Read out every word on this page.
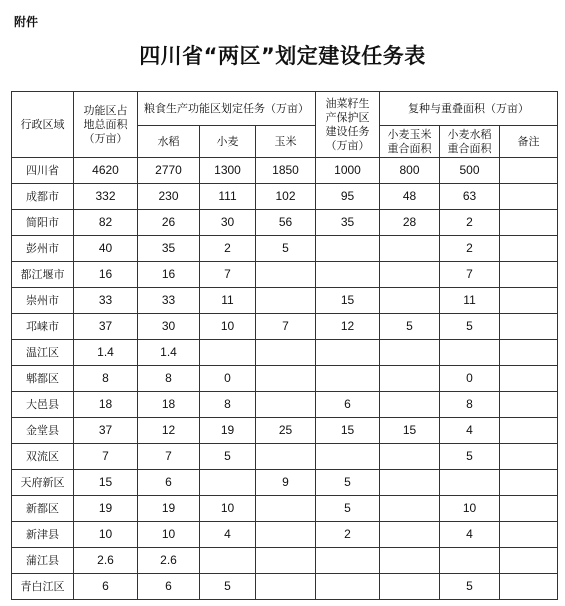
附件
四川省“两区”划定建设任务表
行政区域	功能区占地总面积（万亩）	粮食生产功能区划定任务（万亩）			油菜籽生产保护区建设任务（万亩）	复种与重叠面积（万亩）		
		水稻	小麦	玉米		小麦玉米重合面积	小麦水稻重合面积	备注
四川省	4620	2770	1300	1850	1000	800	500	
成都市	332	230	111	102	95	48	63	
简阳市	82	26	30	56	35	28	2	
彭州市	40	35	2	5			2	
都江堰市	16	16	7				7	
崇州市	33	33	11		15		11	
邛崃市	37	30	10	7	12	5	5	
温江区	1.4	1.4						
郫都区	8	8	0				0	
大邑县	18	18	8		6		8	
金堂县	37	12	19	25	15	15	4	
双流区	7	7	5				5	
天府新区	15	6		9	5			
新都区	19	19	10		5		10	
新津县	10	10	4		2		4	
蒲江县	2.6	2.6						
青白江区	6	6	5				5	
